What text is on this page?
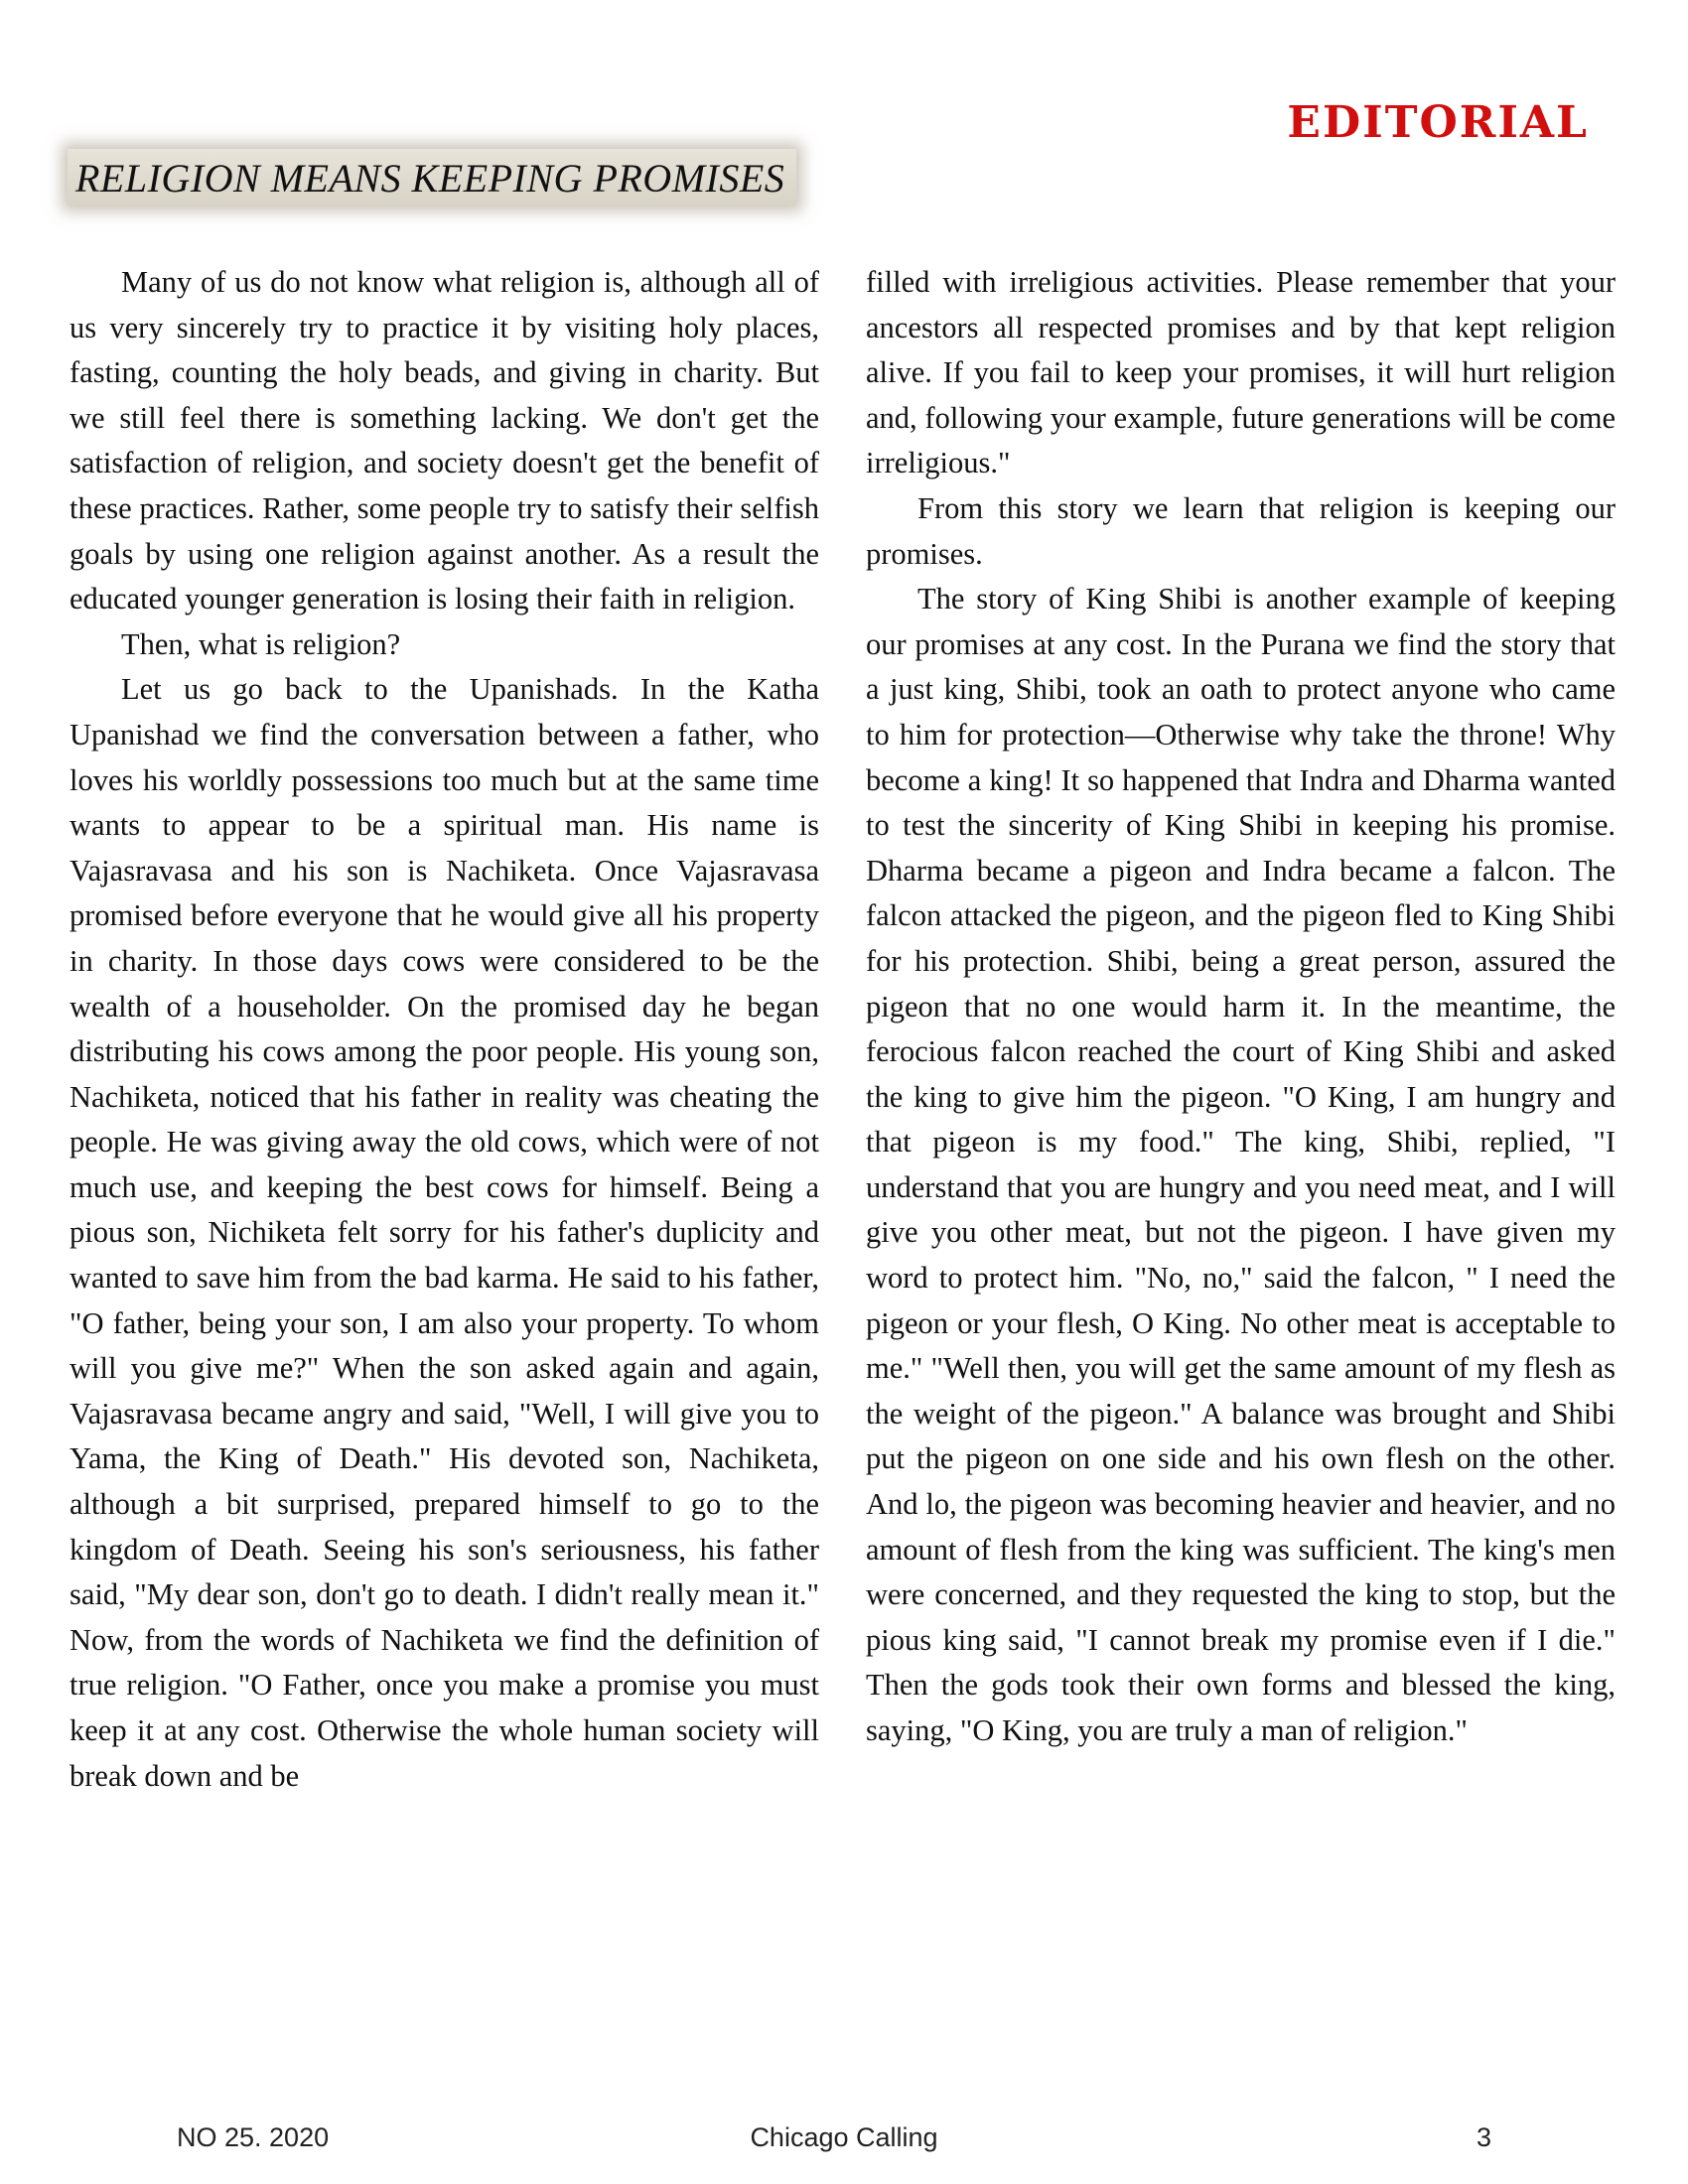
EDITORIAL
RELIGION MEANS KEEPING PROMISES

Many of us do not know what religion is, although all of us very sincerely try to practice it by visiting holy places, fasting, counting the holy beads, and giving in charity. But we still feel there is something lacking. We don't get the satisfaction of religion, and society doesn't get the benefit of these practices. Rather, some people try to satisfy their selfish goals by using one religion against another. As a result the educated younger generation is losing their faith in religion.

Then, what is religion?

Let us go back to the Upanishads. In the Katha Upanishad we find the conversation between a father, who loves his worldly possessions too much but at the same time wants to appear to be a spiritual man. His name is Vajasravasa and his son is Nachiketa. Once Vajasravasa promised before everyone that he would give all his property in charity. In those days cows were considered to be the wealth of a householder. On the promised day he began distributing his cows among the poor people. His young son, Nachiketa, noticed that his father in reality was cheating the people. He was giving away the old cows, which were of not much use, and keeping the best cows for himself. Being a pious son, Nichiketa felt sorry for his father's duplicity and wanted to save him from the bad karma. He said to his father, "O father, being your son, I am also your property. To whom will you give me?" When the son asked again and again, Vajasravasa became angry and said, "Well, I will give you to Yama, the King of Death." His devoted son, Nachiketa, although a bit surprised, prepared himself to go to the kingdom of Death. Seeing his son's seriousness, his father said, "My dear son, don't go to death. I didn't really mean it." Now, from the words of Nachiketa we find the definition of true religion. "O Father, once you make a promise you must keep it at any cost. Otherwise the whole human society will break down and be

filled with irreligious activities. Please remember that your ancestors all respected promises and by that kept religion alive. If you fail to keep your promises, it will hurt religion and, following your example, future generations will be come irreligious."

From this story we learn that religion is keeping our promises.

The story of King Shibi is another example of keeping our promises at any cost. In the Purana we find the story that a just king, Shibi, took an oath to protect anyone who came to him for protection—Otherwise why take the throne! Why become a king! It so happened that Indra and Dharma wanted to test the sincerity of King Shibi in keeping his promise. Dharma became a pigeon and Indra became a falcon. The falcon attacked the pigeon, and the pigeon fled to King Shibi for his protection. Shibi, being a great person, assured the pigeon that no one would harm it. In the meantime, the ferocious falcon reached the court of King Shibi and asked the king to give him the pigeon. "O King, I am hungry and that pigeon is my food." The king, Shibi, replied, "I understand that you are hungry and you need meat, and I will give you other meat, but not the pigeon. I have given my word to protect him. "No, no," said the falcon, " I need the pigeon or your flesh, O King. No other meat is acceptable to me." "Well then, you will get the same amount of my flesh as the weight of the pigeon." A balance was brought and Shibi put the pigeon on one side and his own flesh on the other. And lo, the pigeon was becoming heavier and heavier, and no amount of flesh from the king was sufficient. The king's men were concerned, and they requested the king to stop, but the pious king said, "I cannot break my promise even if I die." Then the gods took their own forms and blessed the king, saying, "O King, you are truly a man of religion."

NO 25. 2020	Chicago Calling	3
